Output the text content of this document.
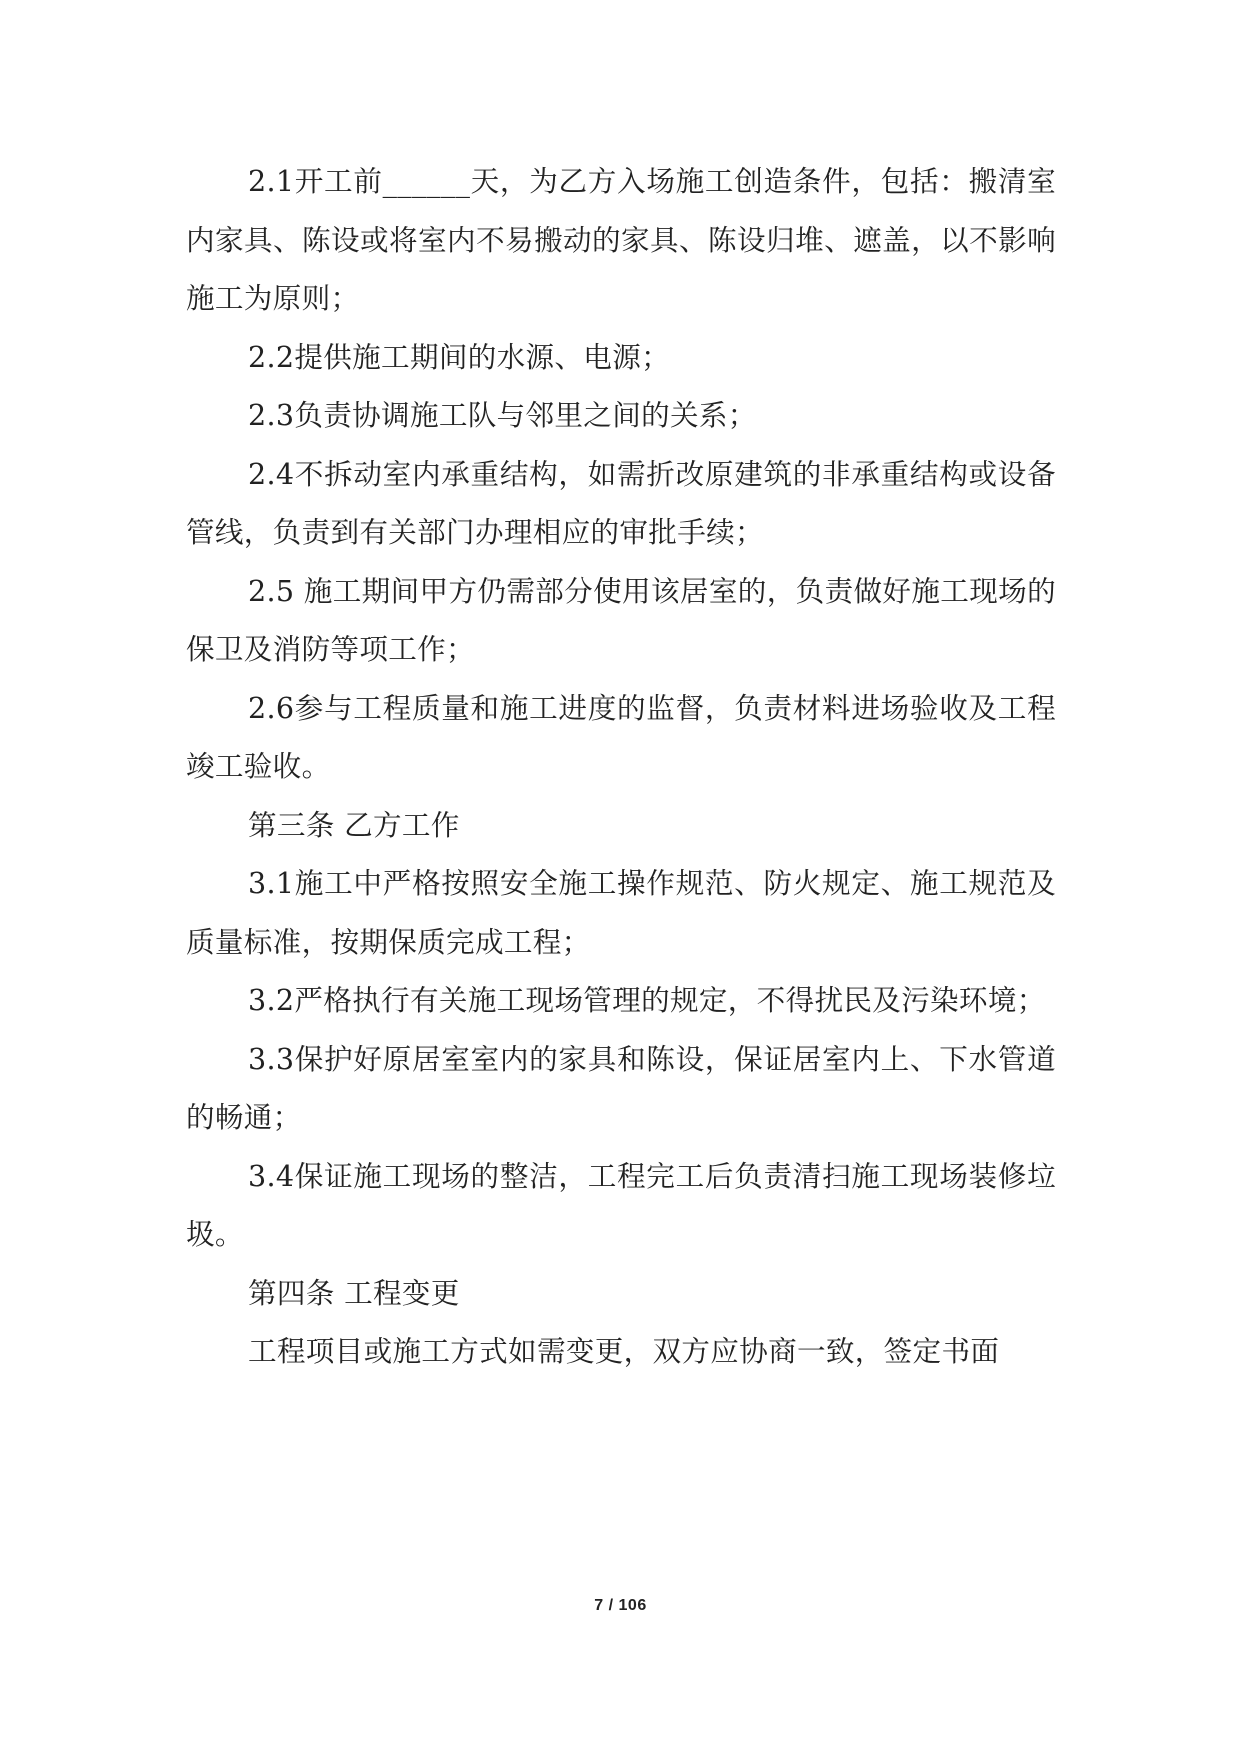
2.1开工前______天，为乙方入场施工创造条件，包括：搬清室内家具、陈设或将室内不易搬动的家具、陈设归堆、遮盖，以不影响施工为原则；

2.2提供施工期间的水源、电源；

2.3负责协调施工队与邻里之间的关系；

2.4不拆动室内承重结构，如需折改原建筑的非承重结构或设备管线，负责到有关部门办理相应的审批手续；

2.5 施工期间甲方仍需部分使用该居室的，负责做好施工现场的保卫及消防等项工作；

2.6参与工程质量和施工进度的监督，负责材料进场验收及工程竣工验收。

第三条 乙方工作

3.1施工中严格按照安全施工操作规范、防火规定、施工规范及质量标准，按期保质完成工程；

3.2严格执行有关施工现场管理的规定，不得扰民及污染环境；

3.3保护好原居室室内的家具和陈设，保证居室内上、下水管道的畅通；

3.4保证施工现场的整洁，工程完工后负责清扫施工现场装修垃圾。

第四条 工程变更

工程项目或施工方式如需变更，双方应协商一致，签定书面

7 / 106
